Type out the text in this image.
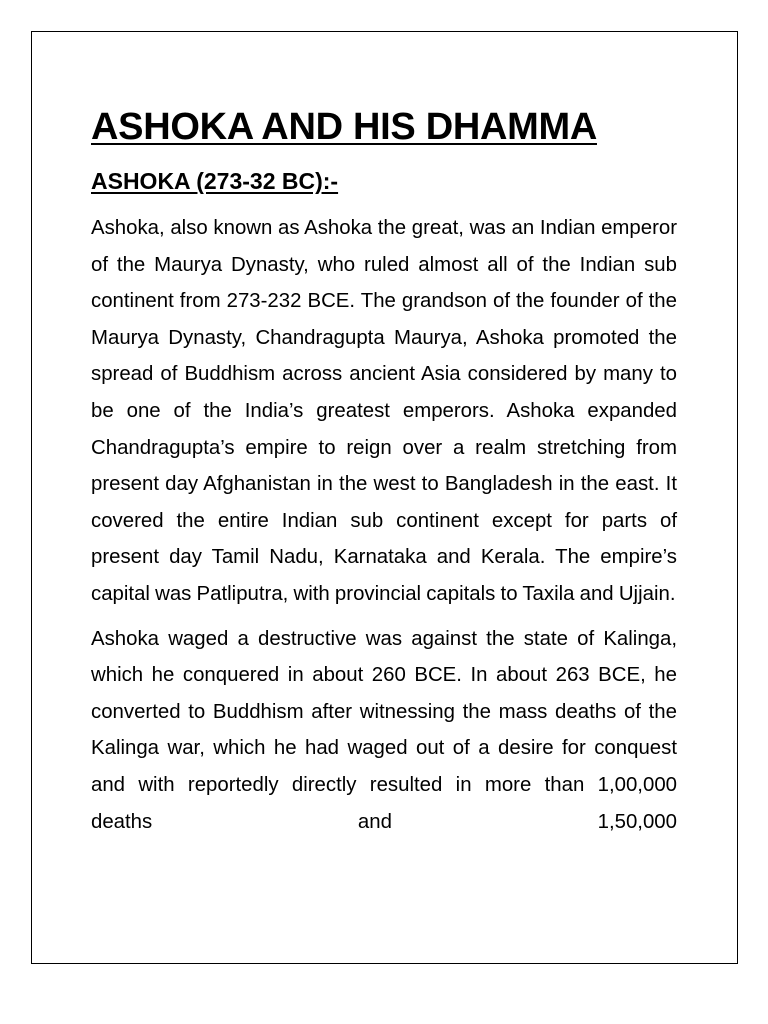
ASHOKA AND HIS DHAMMA
ASHOKA (273-32 BC):-

Ashoka, also known as Ashoka the great, was an Indian emperor of the Maurya Dynasty, who ruled almost all of the Indian sub continent from 273-232 BCE. The grandson of the founder of the Maurya Dynasty, Chandragupta Maurya, Ashoka promoted the spread of Buddhism across ancient Asia considered by many to be one of the India’s greatest emperors. Ashoka expanded Chandragupta’s empire to reign over a realm stretching from present day Afghanistan in the west to Bangladesh in the east. It covered the entire Indian sub continent except for parts of present day Tamil Nadu, Karnataka and Kerala. The empire’s capital was Patliputra, with provincial capitals to Taxila and Ujjain.

Ashoka waged a destructive was against the state of Kalinga, which he conquered in about 260 BCE. In about 263 BCE, he converted to Buddhism after witnessing the mass deaths of the Kalinga war, which he had waged out of a desire for conquest and with reportedly directly resulted in more than 1,00,000 deaths and 1,50,000
